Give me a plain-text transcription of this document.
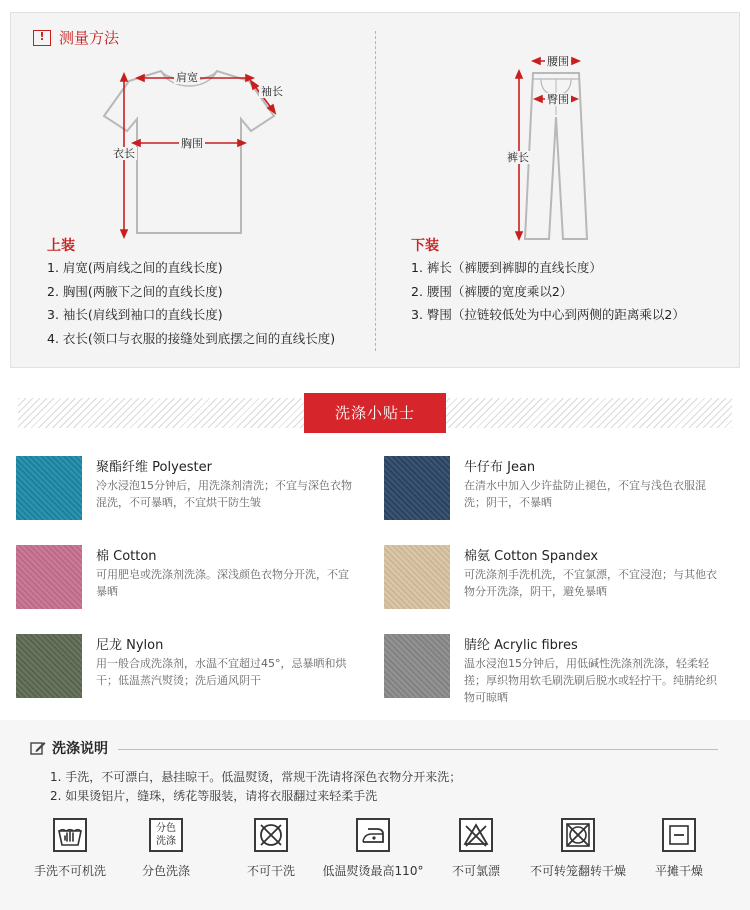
! 测量方法
肩宽
袖长
胸围
衣长
上装
1. 肩宽(两肩线之间的直线长度)
2. 胸围(两腋下之间的直线长度)
3. 袖长(肩线到袖口的直线长度)
4. 衣长(领口与衣服的接缝处到底摆之间的直线长度)
腰围
臀围
裤长
下装
1. 裤长（裤腰到裤脚的直线长度）
2. 腰围（裤腰的宽度乘以2）
3. 臀围（拉链较低处为中心到两侧的距离乘以2）
洗涤小贴士
聚酯纤维 Polyester
冷水浸泡15分钟后，用洗涤剂清洗；不宜与深色衣物混洗，不可暴晒，不宜烘干防生皱
牛仔布 Jean
在清水中加入少许盐防止褪色，不宜与浅色衣服混洗；阴干，不暴晒
棉 Cotton
可用肥皂或洗涤剂洗涤。深浅颜色衣物分开洗，不宜暴晒
棉氨 Cotton Spandex
可洗涤剂手洗机洗，不宜氯漂，不宜浸泡；与其他衣物分开洗涤，阴干，避免暴晒
尼龙 Nylon
用一般合成洗涤剂，水温不宜超过45°，忌暴晒和烘干；低温蒸汽熨烫；洗后通风阴干
腈纶 Acrylic fibres
温水浸泡15分钟后，用低碱性洗涤剂洗涤，轻柔轻搓；厚织物用软毛刷洗刷后脱水或轻拧干。纯腈纶织物可晾晒
洗涤说明
1. 手洗，不可漂白，悬挂晾干。低温熨烫，常规干洗请将深色衣物分开来洗；
2. 如果烫铝片，缝珠，绣花等服装，请将衣服翻过来轻柔手洗
手洗不可机洗
分色
洗涤
分色洗涤	不可干洗 低温熨烫最高110° 不可氯漂 不可转笼翻转干燥 平摊干燥
